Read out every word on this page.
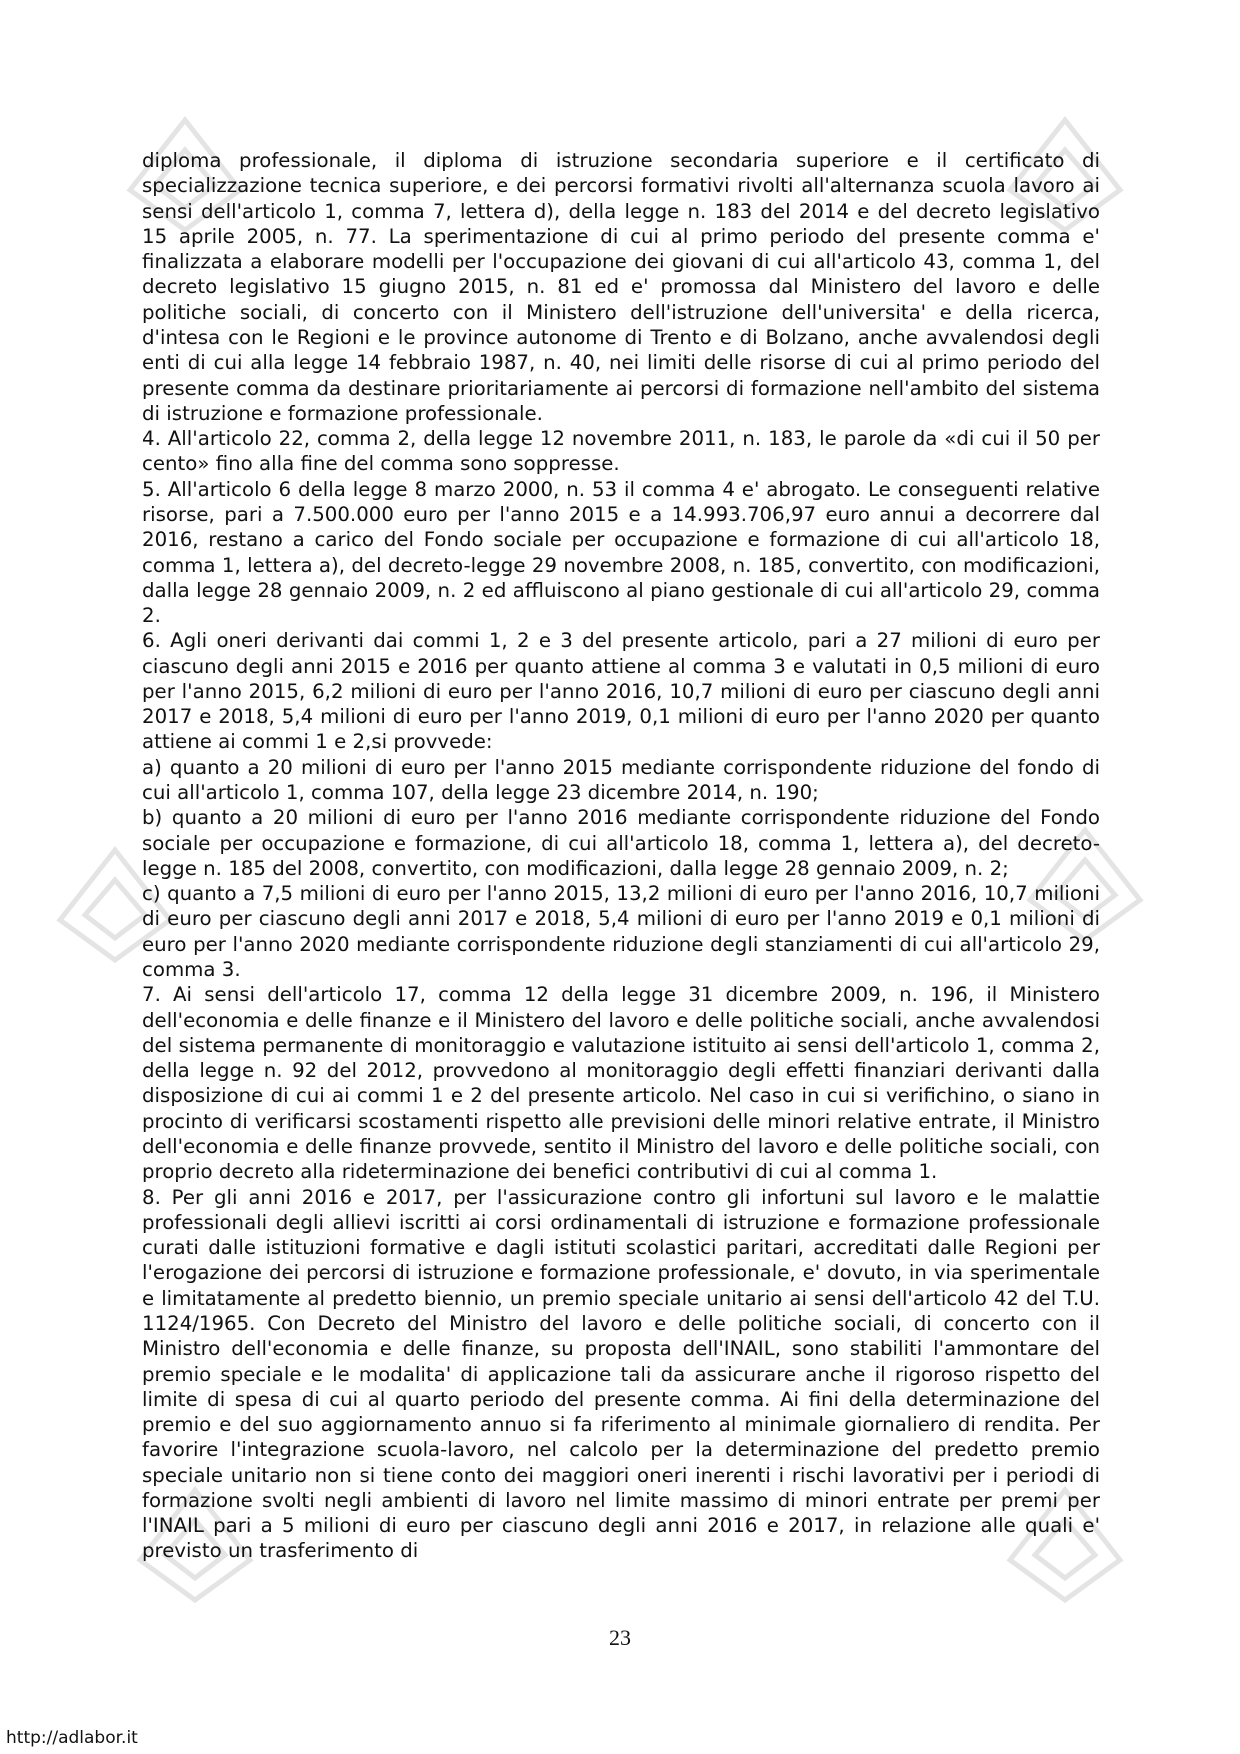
diploma professionale, il diploma di istruzione secondaria superiore e il certificato di specializzazione tecnica superiore, e dei percorsi formativi rivolti all'alternanza scuola lavoro ai sensi dell'articolo 1, comma 7, lettera d), della legge n. 183 del 2014 e del decreto legislativo 15 aprile 2005, n. 77. La sperimentazione di cui al primo periodo del presente comma e' finalizzata a elaborare modelli per l'occupazione dei giovani di cui all'articolo 43, comma 1, del decreto legislativo 15 giugno 2015, n. 81 ed e' promossa dal Ministero del lavoro e delle politiche sociali, di concerto con il Ministero dell'istruzione dell'universita' e della ricerca, d'intesa con le Regioni e le province autonome di Trento e di Bolzano, anche avvalendosi degli enti di cui alla legge 14 febbraio 1987, n. 40, nei limiti delle risorse di cui al primo periodo del presente comma da destinare prioritariamente ai percorsi di formazione nell'ambito del sistema di istruzione e formazione professionale.

4. All'articolo 22, comma 2, della legge 12 novembre 2011, n. 183, le parole da «di cui il 50 per cento» fino alla fine del comma sono soppresse.

5. All'articolo 6 della legge 8 marzo 2000, n. 53 il comma 4 e' abrogato. Le conseguenti relative risorse, pari a 7.500.000 euro per l'anno 2015 e a 14.993.706,97 euro annui a decorrere dal 2016, restano a carico del Fondo sociale per occupazione e formazione di cui all'articolo 18, comma 1, lettera a), del decreto-legge 29 novembre 2008, n. 185, convertito, con modificazioni, dalla legge 28 gennaio 2009, n. 2 ed affluiscono al piano gestionale di cui all'articolo 29, comma 2.

6. Agli oneri derivanti dai commi 1, 2 e 3 del presente articolo, pari a 27 milioni di euro per ciascuno degli anni 2015 e 2016 per quanto attiene al comma 3 e valutati in 0,5 milioni di euro per l'anno 2015, 6,2 milioni di euro per l'anno 2016, 10,7 milioni di euro per ciascuno degli anni 2017 e 2018, 5,4 milioni di euro per l'anno 2019, 0,1 milioni di euro per l'anno 2020 per quanto attiene ai commi 1 e 2,si provvede:

a) quanto a 20 milioni di euro per l'anno 2015 mediante corrispondente riduzione del fondo di cui all'articolo 1, comma 107, della legge 23 dicembre 2014, n. 190;

b) quanto a 20 milioni di euro per l'anno 2016 mediante corrispondente riduzione del Fondo sociale per occupazione e formazione, di cui all'articolo 18, comma 1, lettera a), del decreto-legge n. 185 del 2008, convertito, con modificazioni, dalla legge 28 gennaio 2009, n. 2;

c) quanto a 7,5 milioni di euro per l'anno 2015, 13,2 milioni di euro per l'anno 2016, 10,7 milioni di euro per ciascuno degli anni 2017 e 2018, 5,4 milioni di euro per l'anno 2019 e 0,1 milioni di euro per l'anno 2020 mediante corrispondente riduzione degli stanziamenti di cui all'articolo 29, comma 3.

7. Ai sensi dell'articolo 17, comma 12 della legge 31 dicembre 2009, n. 196, il Ministero dell'economia e delle finanze e il Ministero del lavoro e delle politiche sociali, anche avvalendosi del sistema permanente di monitoraggio e valutazione istituito ai sensi dell'articolo 1, comma 2, della legge n. 92 del 2012, provvedono al monitoraggio degli effetti finanziari derivanti dalla disposizione di cui ai commi 1 e 2 del presente articolo. Nel caso in cui si verifichino, o siano in procinto di verificarsi scostamenti rispetto alle previsioni delle minori relative entrate, il Ministro dell'economia e delle finanze provvede, sentito il Ministro del lavoro e delle politiche sociali, con proprio decreto alla rideterminazione dei benefici contributivi di cui al comma 1.

8. Per gli anni 2016 e 2017, per l'assicurazione contro gli infortuni sul lavoro e le malattie professionali degli allievi iscritti ai corsi ordinamentali di istruzione e formazione professionale curati dalle istituzioni formative e dagli istituti scolastici paritari, accreditati dalle Regioni per l'erogazione dei percorsi di istruzione e formazione professionale, e' dovuto, in via sperimentale e limitatamente al predetto biennio, un premio speciale unitario ai sensi dell'articolo 42 del T.U. 1124/1965. Con Decreto del Ministro del lavoro e delle politiche sociali, di concerto con il Ministro dell'economia e delle finanze, su proposta dell'INAIL, sono stabiliti l'ammontare del premio speciale e le modalita' di applicazione tali da assicurare anche il rigoroso rispetto del limite di spesa di cui al quarto periodo del presente comma. Ai fini della determinazione del premio e del suo aggiornamento annuo si fa riferimento al minimale giornaliero di rendita. Per favorire l'integrazione scuola-lavoro, nel calcolo per la determinazione del predetto premio speciale unitario non si tiene conto dei maggiori oneri inerenti i rischi lavorativi per i periodi di formazione svolti negli ambienti di lavoro nel limite massimo di minori entrate per premi per l'INAIL pari a 5 milioni di euro per ciascuno degli anni 2016 e 2017, in relazione alle quali e' previsto un trasferimento di

23
http://adlabor.it
